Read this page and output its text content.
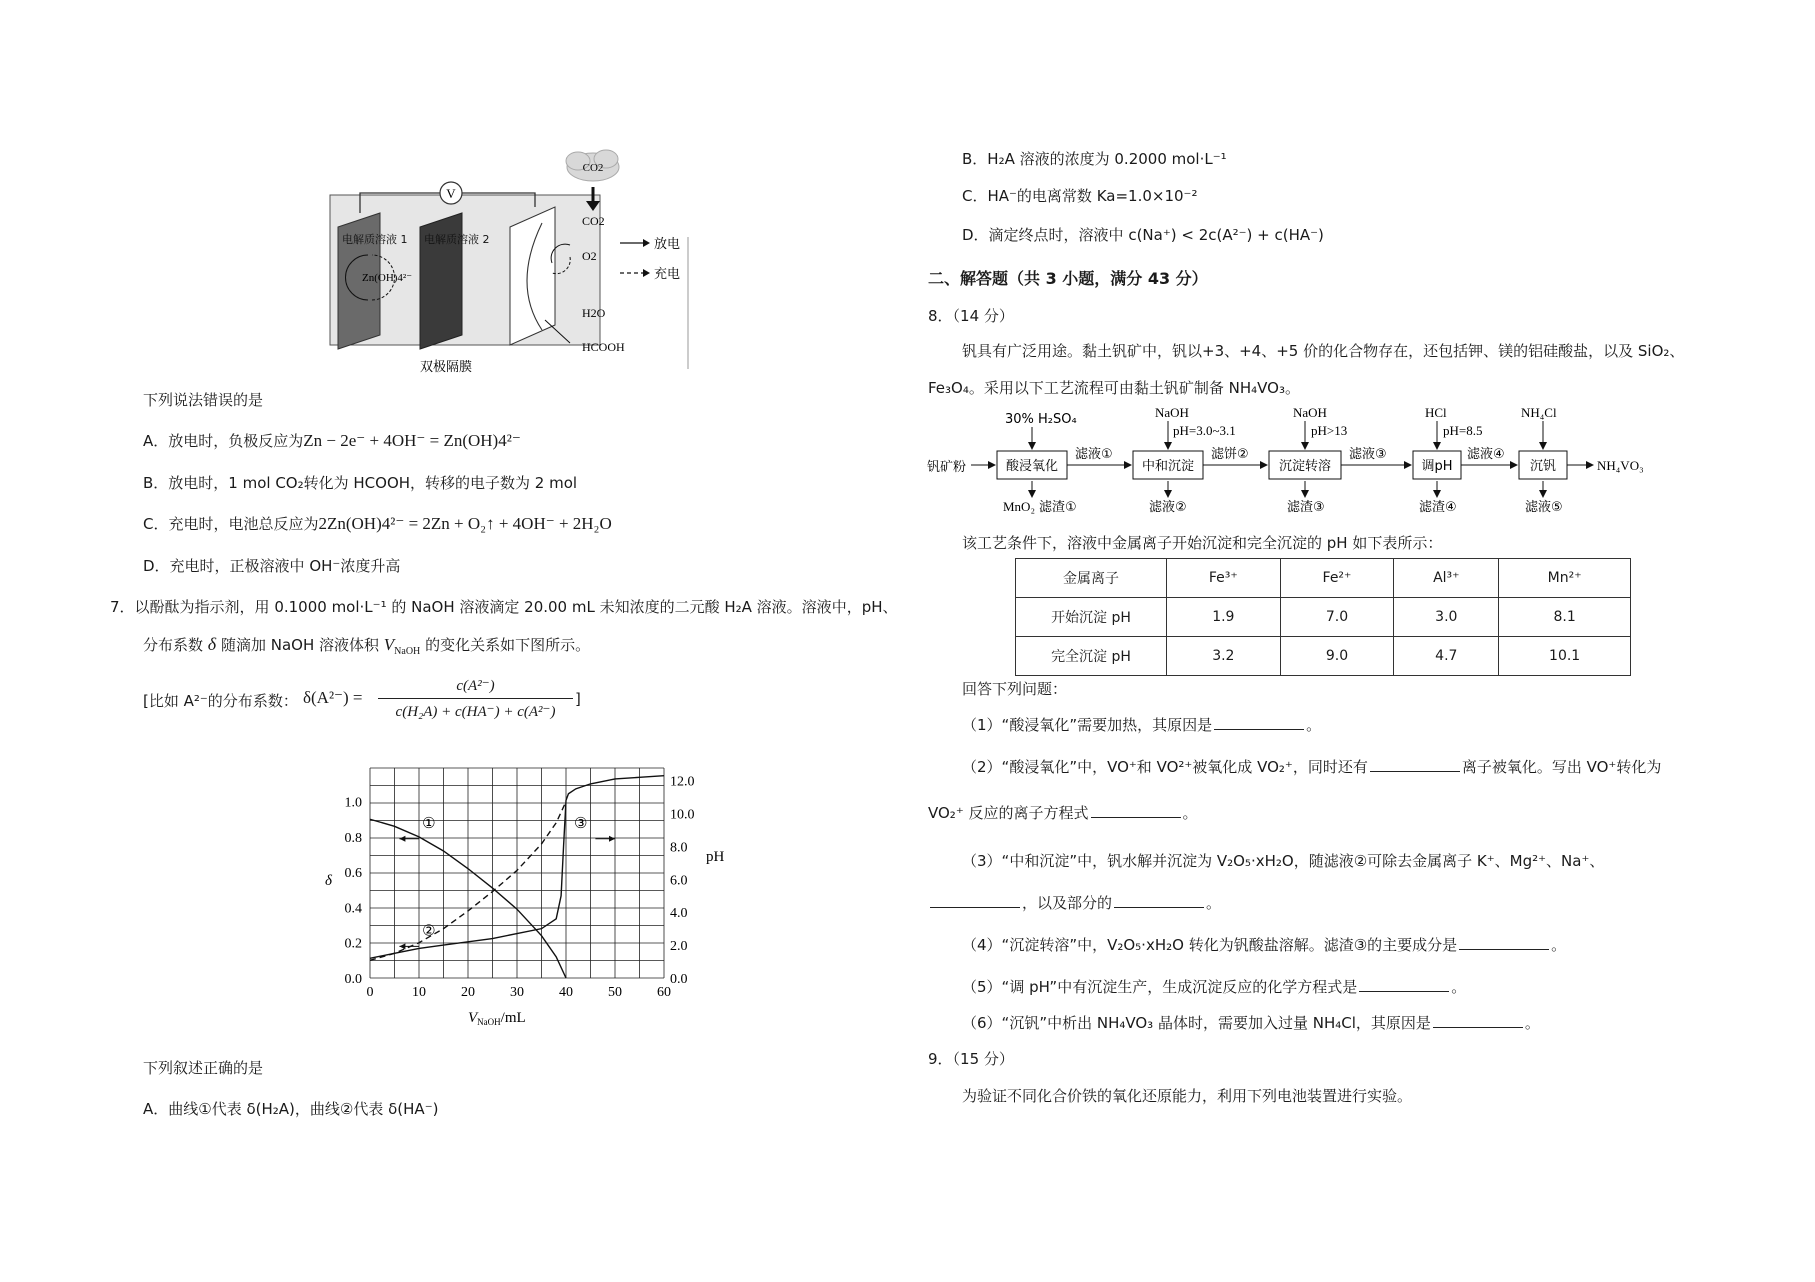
V
电解质溶液 1 电解质溶液 2
Zn(OH)4²⁻
CO2
CO2
O2
H2O
HCOOH
双极隔膜
放电
充电
下列说法错误的是
A．放电时，负极反应为Zn − 2e⁻ + 4OH⁻ = Zn(OH)4²⁻
B．放电时，1 mol CO₂转化为 HCOOH，转移的电子数为 2 mol
C．充电时，电池总反应为2Zn(OH)4²⁻ = 2Zn + O₂↑ + 4OH⁻ + 2H₂O
D．充电时，正极溶液中 OH⁻浓度升高
7．以酚酞为指示剂，用 0.1000 mol·L⁻¹ 的 NaOH 溶液滴定 20.00 mL 未知浓度的二元酸 H₂A 溶液。溶液中，pH、
分布系数 δ 随滴加 NaOH 溶液体积 $V_{NaOH}$ 的变化关系如下图所示。
[比如 A²⁻的分布系数： δ(A²⁻) =
c(A²⁻)
c(H₂A) + c(HA⁻) + c(A²⁻)
]
0	10	20	30	40	50	60
0.0
0.2
0.4
0.6
0.8
1.0
0.0
2.0
4.0
6.0
8.0
10.0
12.0
δ
pH
$V_{NaOH}/mL$
①
②
③
下列叙述正确的是
A．曲线①代表 δ(H₂A)，曲线②代表 δ(HA⁻)
B．H₂A 溶液的浓度为 0.2000 mol·L⁻¹
C．HA⁻的电离常数 Ka=1.0×10⁻²
D．滴定终点时，溶液中 c(Na⁺) < 2c(A²⁻) + c(HA⁻)
二、解答题（共 3 小题，满分 43 分）
8．（14 分）
钒具有广泛用途。黏土钒矿中，钒以+3、+4、+5 价的化合物存在，还包括钾、镁的铝硅酸盐，以及 SiO₂、
Fe₃O₄。采用以下工艺流程可由黏土钒矿制备 NH₄VO₃。
钒矿粉	酸浸氧化
30% H₂SO₄
MnO₂ 滤渣①
滤液①
中和沉淀
NaOH
pH=3.0~3.1
滤液②
滤饼②
沉淀转溶
NaOH
pH>13
滤渣③
滤液③
调pH
HCl
pH=8.5
滤渣④
滤液④
沉钒
NH₄Cl
滤液⑤
NH₄VO₃
该工艺条件下，溶液中金属离子开始沉淀和完全沉淀的 pH 如下表所示：
金属离子	Fe³⁺	Fe²⁺	Al³⁺	Mn²⁺
开始沉淀 pH	1.9	7.0	3.0	8.1
完全沉淀 pH	3.2	9.0	4.7	10.1
回答下列问题：
（1）“酸浸氧化”需要加热，其原因是	。
（2）“酸浸氧化”中，VO⁺和 VO²⁺被氧化成 VO₂⁺，同时还有	离子被氧化。写出 VO⁺转化为
VO₂⁺ 反应的离子方程式	。
（3）“中和沉淀”中，钒水解并沉淀为 V₂O₅·xH₂O，随滤液②可除去金属离子 K⁺、Mg²⁺、Na⁺、
，以及部分的	。
（4）“沉淀转溶”中，V₂O₅·xH₂O 转化为钒酸盐溶解。滤渣③的主要成分是	。
（5）“调 pH”中有沉淀生产，生成沉淀反应的化学方程式是	。
（6）“沉钒”中析出 NH₄VO₃ 晶体时，需要加入过量 NH₄Cl，其原因是	。
9．（15 分）
为验证不同化合价铁的氧化还原能力，利用下列电池装置进行实验。
